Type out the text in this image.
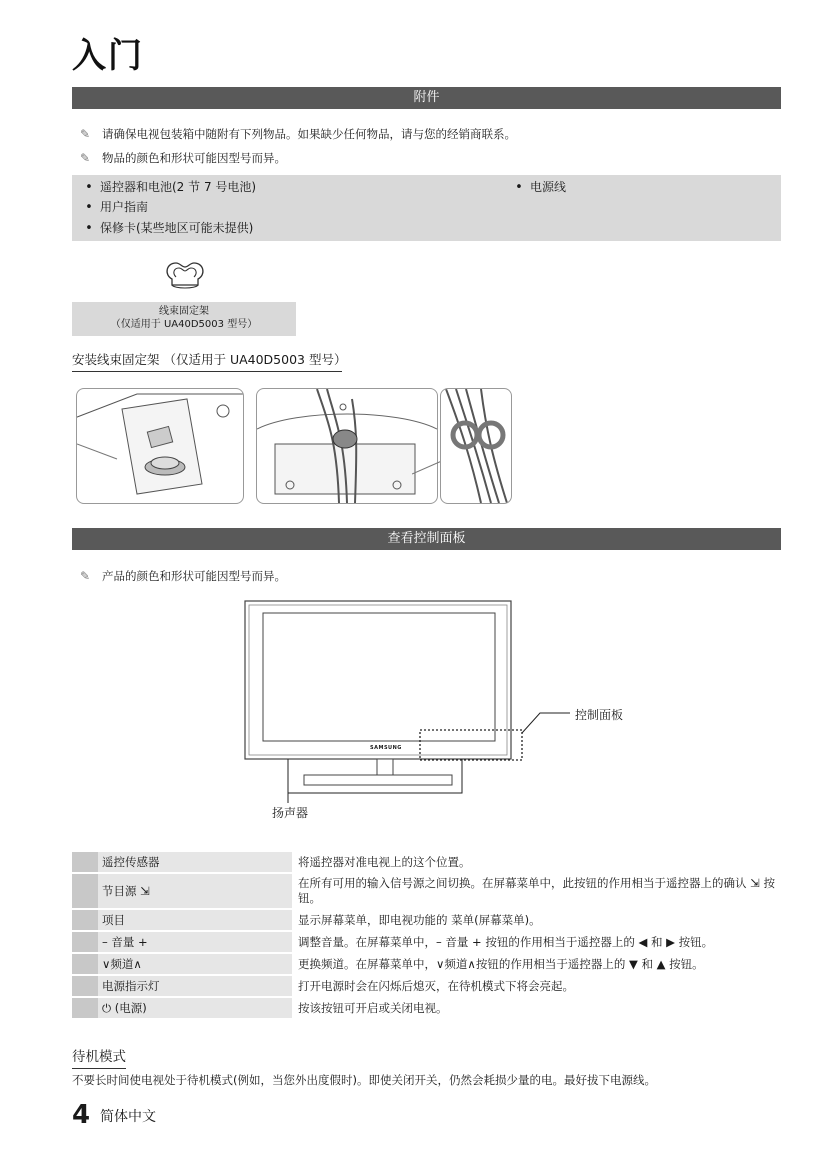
入门
附件
✎ 请确保电视包装箱中随附有下列物品。如果缺少任何物品，请与您的经销商联系。
✎ 物品的颜色和形状可能因型号而异。
• 遥控器和电池(2 节 7 号电池)
• 用户指南
• 保修卡(某些地区可能未提供)
• 电源线
线束固定架
（仅适用于 UA40D5003 型号）
安装线束固定架 （仅适用于 UA40D5003 型号）
查看控制面板
✎ 产品的颜色和形状可能因型号而异。
SAMSUNG
控制面板
扬声器
	遥控传感器	将遥控器对准电视上的这个位置。
	节目源 ⇲	在所有可用的输入信号源之间切换。在屏幕菜单中，此按钮的作用相当于遥控器上的确认 ⇲ 按钮。
	项目	显示屏幕菜单，即电视功能的 菜单(屏幕菜单)。
	– 音量 +	调整音量。在屏幕菜单中，– 音量 + 按钮的作用相当于遥控器上的 ◀ 和 ▶ 按钮。
	∨频道∧	更换频道。在屏幕菜单中，∨频道∧按钮的作用相当于遥控器上的 ▼ 和 ▲ 按钮。
	电源指示灯	打开电源时会在闪烁后熄灭，在待机模式下将会亮起。
	⏻ (电源)	按该按钮可开启或关闭电视。
待机模式
不要长时间使电视处于待机模式(例如，当您外出度假时)。即使关闭开关，仍然会耗损少量的电。最好拔下电源线。
4 简体中文
